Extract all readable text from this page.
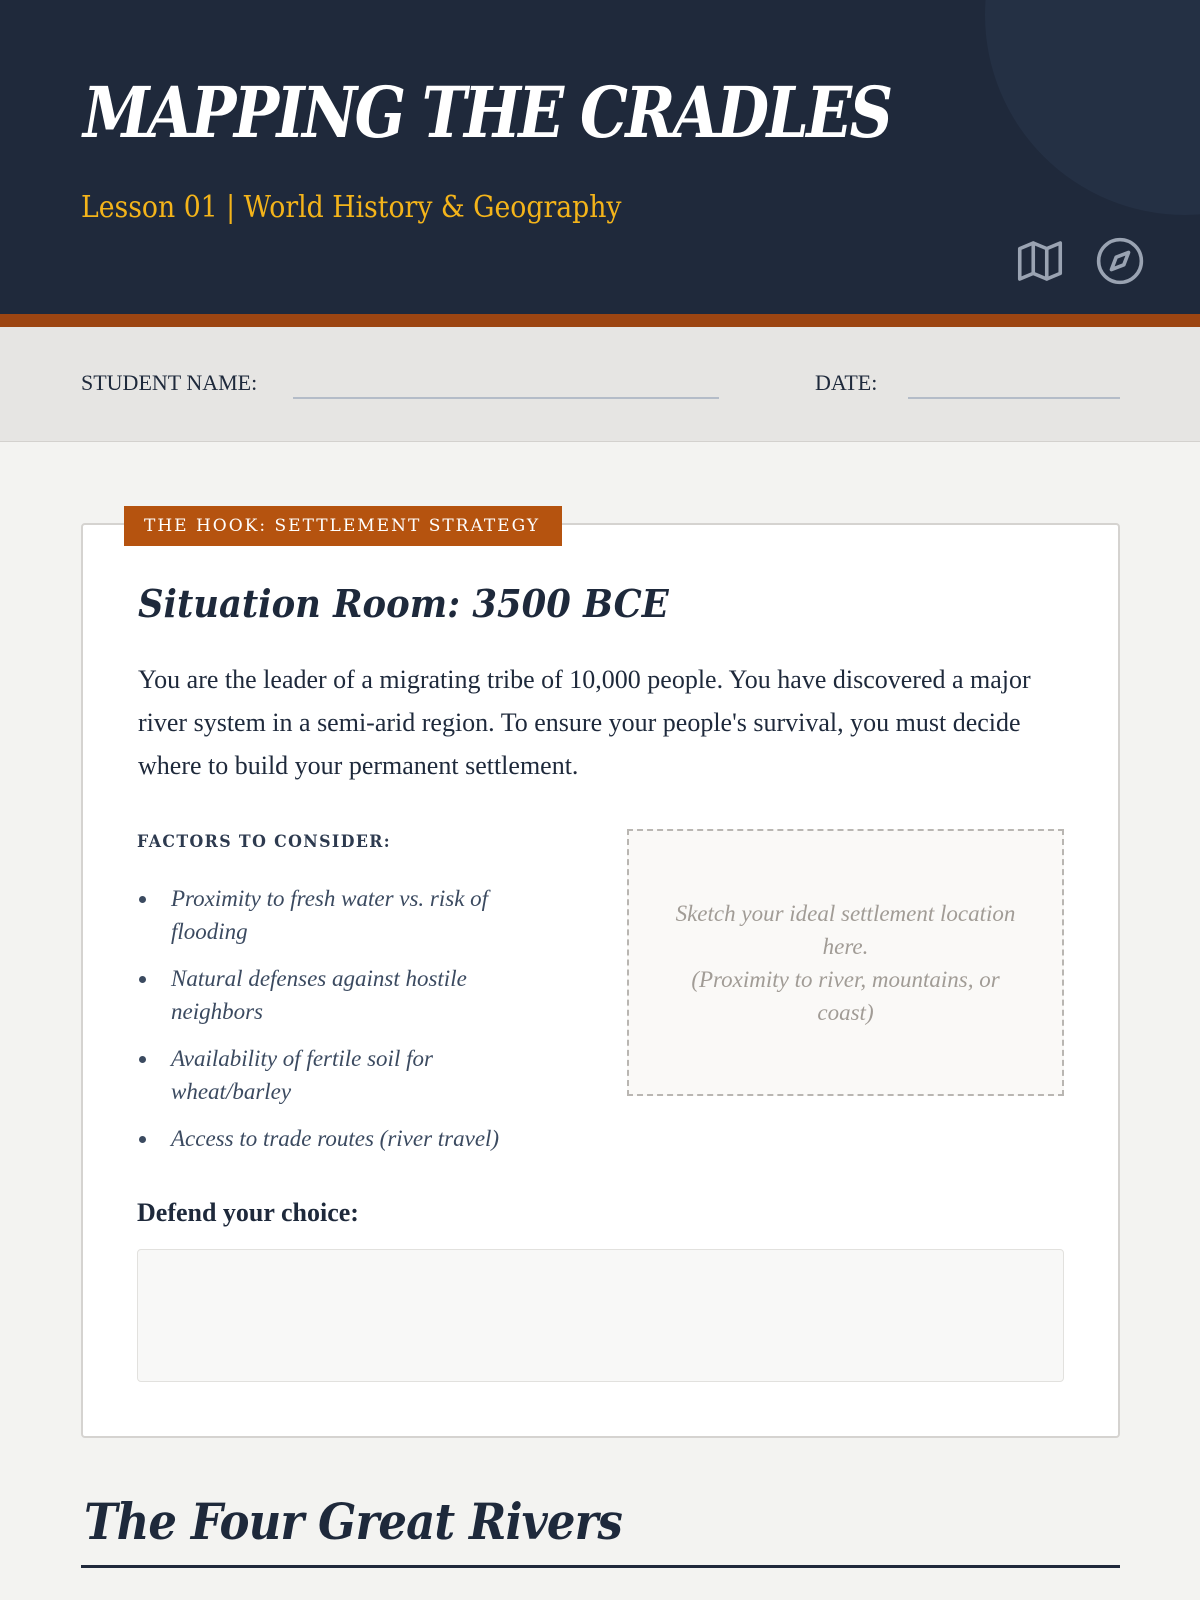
MAPPING THE CRADLES
Lesson 01 | World History & Geography
STUDENT NAME:	DATE:
THE HOOK: SETTLEMENT STRATEGY
Situation Room: 3500 BCE

You are the leader of a migrating tribe of 10,000 people. You have discovered a major river system in a semi-arid region. To ensure your people's survival, you must decide where to build your permanent settlement.

FACTORS TO CONSIDER:
Proximity to fresh water vs. risk of flooding
Natural defenses against hostile neighbors
Availability of fertile soil for wheat/barley
Access to trade routes (river travel)
Sketch your ideal settlement location here.
(Proximity to river, mountains, or coast)
Defend your choice:
The Four Great Rivers
